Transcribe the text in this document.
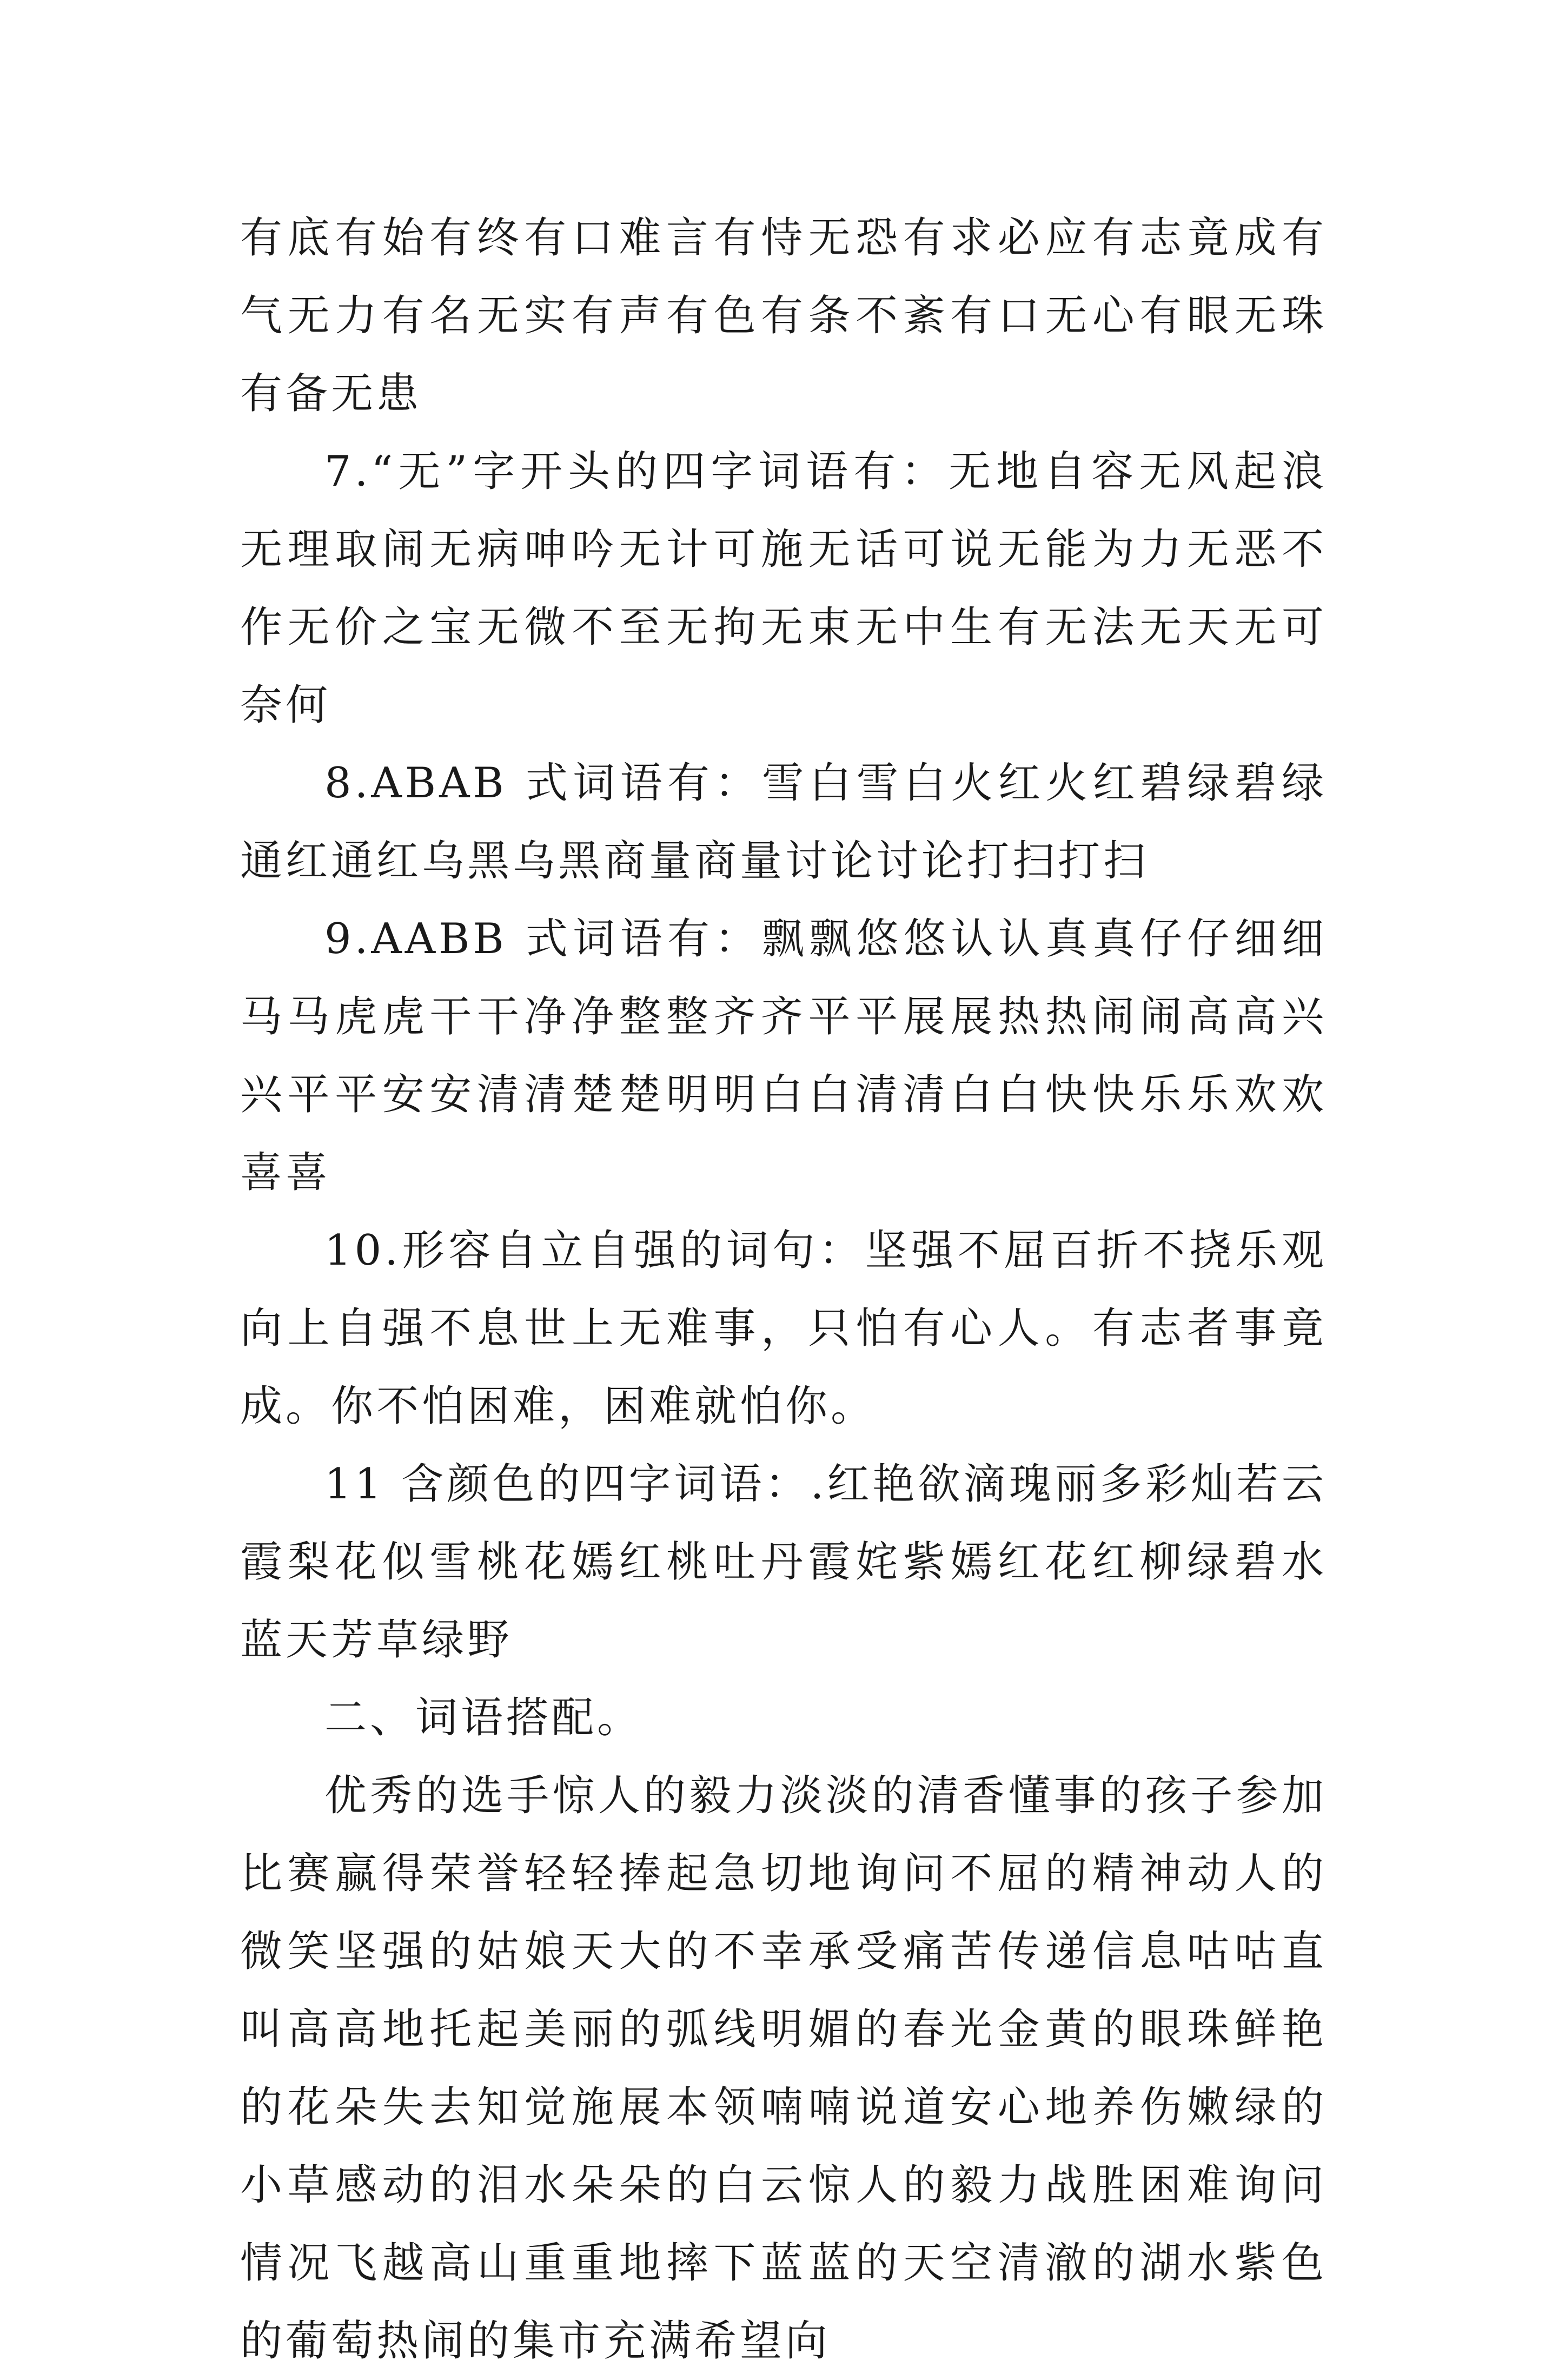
有底有始有终有口难言有恃无恐有求必应有志竟成有气无力有名无实有声有色有条不紊有口无心有眼无珠有备无患

7.“无”字开头的四字词语有：无地自容无风起浪无理取闹无病呻吟无计可施无话可说无能为力无恶不作无价之宝无微不至无拘无束无中生有无法无天无可奈何

8.ABAB 式词语有：雪白雪白火红火红碧绿碧绿通红通红乌黑乌黑商量商量讨论讨论打扫打扫

9.AABB 式词语有：飘飘悠悠认认真真仔仔细细马马虎虎干干净净整整齐齐平平展展热热闹闹高高兴兴平平安安清清楚楚明明白白清清白白快快乐乐欢欢喜喜

10.形容自立自强的词句：坚强不屈百折不挠乐观向上自强不息世上无难事，只怕有心人。有志者事竟成。你不怕困难，困难就怕你。

11 含颜色的四字词语：.红艳欲滴瑰丽多彩灿若云霞梨花似雪桃花嫣红桃吐丹霞姹紫嫣红花红柳绿碧水蓝天芳草绿野

二、词语搭配。

优秀的选手惊人的毅力淡淡的清香懂事的孩子参加比赛赢得荣誉轻轻捧起急切地询问不屈的精神动人的微笑坚强的姑娘天大的不幸承受痛苦传递信息咕咕直叫高高地托起美丽的弧线明媚的春光金黄的眼珠鲜艳的花朵失去知觉施展本领喃喃说道安心地养伤嫩绿的小草感动的泪水朵朵的白云惊人的毅力战胜困难询问情况飞越高山重重地摔下蓝蓝的天空清澈的湖水紫色的葡萄热闹的集市充满希望向
